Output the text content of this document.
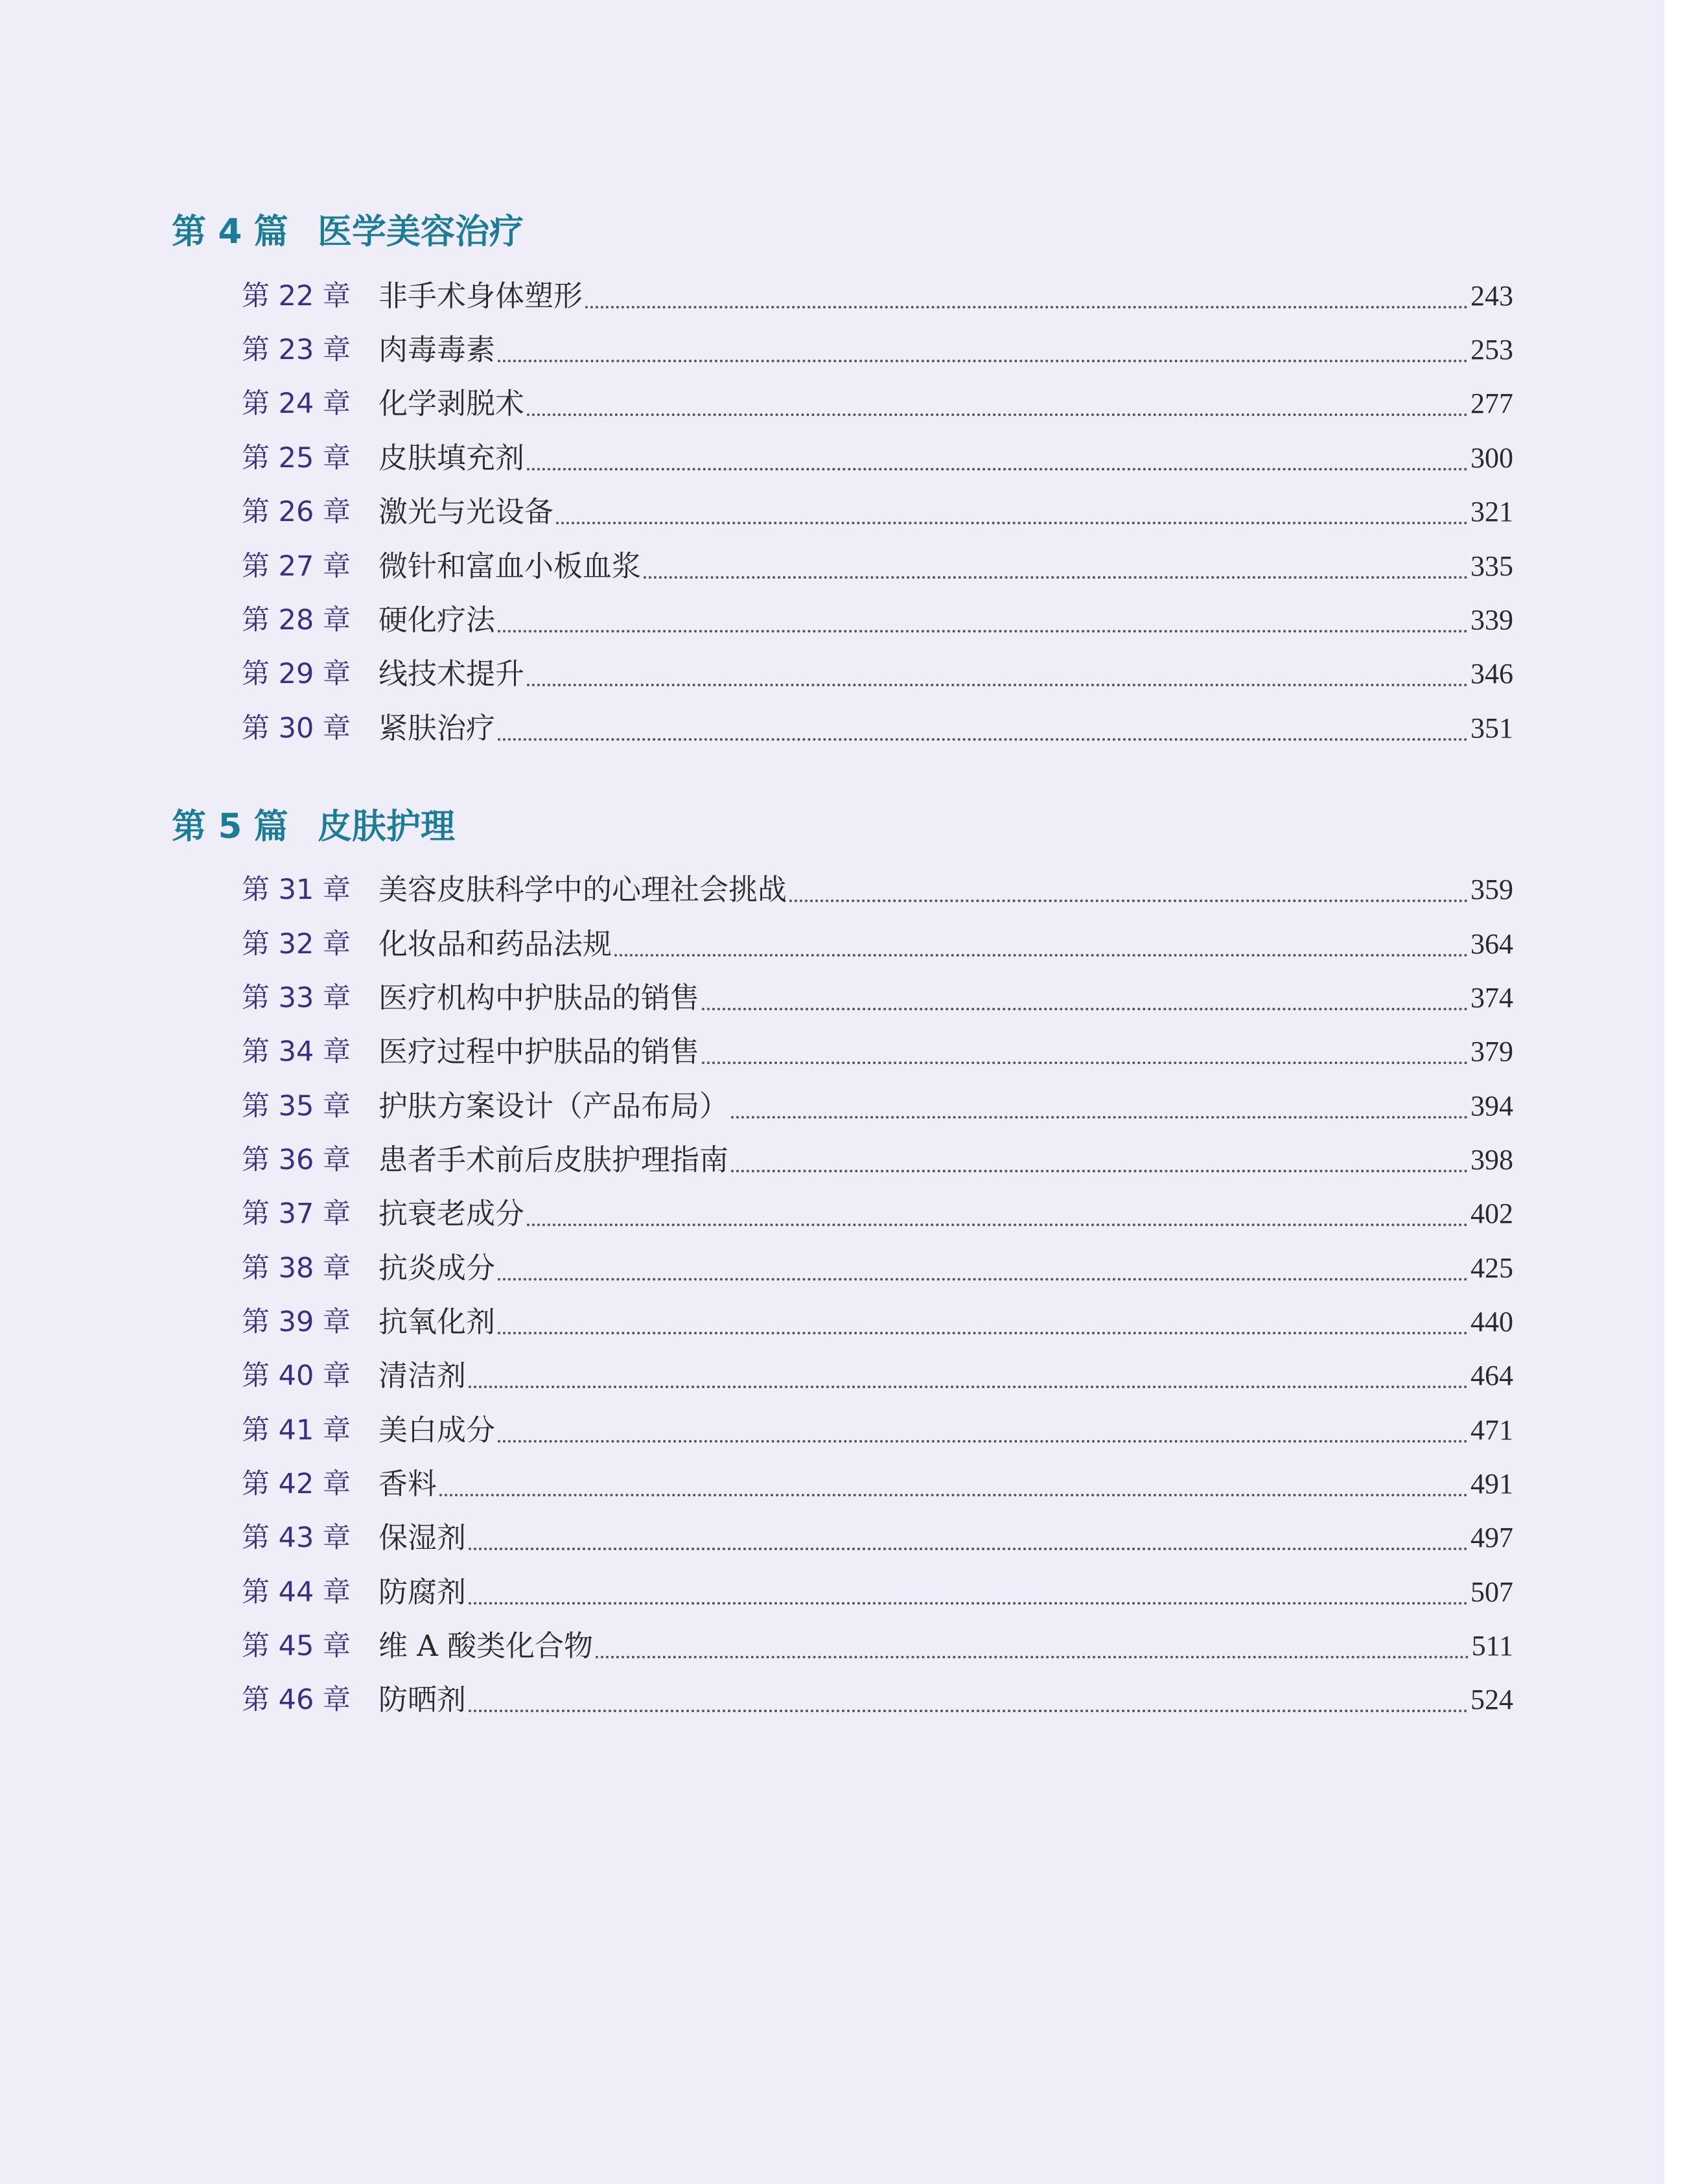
第 4 篇 医学美容治疗
第 22 章 非手术身体塑形	243
第 23 章 肉毒毒素	253
第 24 章 化学剥脱术	277
第 25 章 皮肤填充剂	300
第 26 章 激光与光设备	321
第 27 章 微针和富血小板血浆	335
第 28 章 硬化疗法	339
第 29 章 线技术提升	346
第 30 章 紧肤治疗	351
第 5 篇 皮肤护理
第 31 章 美容皮肤科学中的心理社会挑战	359
第 32 章 化妆品和药品法规	364
第 33 章 医疗机构中护肤品的销售	374
第 34 章 医疗过程中护肤品的销售	379
第 35 章 护肤方案设计（产品布局）	394
第 36 章 患者手术前后皮肤护理指南	398
第 37 章 抗衰老成分	402
第 38 章 抗炎成分	425
第 39 章 抗氧化剂	440
第 40 章 清洁剂	464
第 41 章 美白成分	471
第 42 章 香料	491
第 43 章 保湿剂	497
第 44 章 防腐剂	507
第 45 章 维 A 酸类化合物	511
第 46 章 防晒剂	524
